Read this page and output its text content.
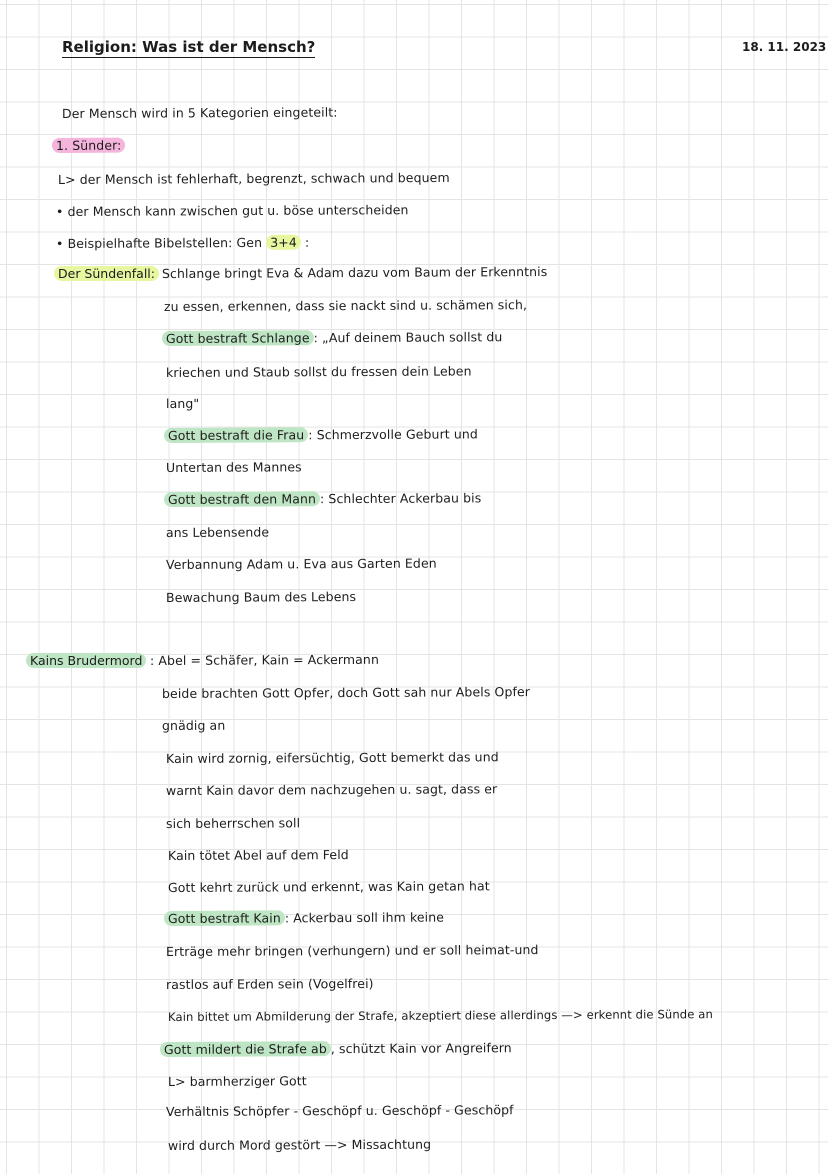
Religion: Was ist der Mensch?	18. 11. 2023
Der Mensch wird in 5 Kategorien eingeteilt:
1. Sünder:
L> der Mensch ist fehlerhaft, begrenzt, schwach und bequem
• der Mensch kann zwischen gut u. böse unterscheiden
• Beispielhafte Bibelstellen: Gen 3+4 :
Der Sündenfall: Schlange bringt Eva & Adam dazu vom Baum der Erkenntnis
zu essen, erkennen, dass sie nackt sind u. schämen sich,
Gott bestraft Schlange : „Auf deinem Bauch sollst du
kriechen und Staub sollst du fressen dein Leben
lang"
Gott bestraft die Frau : Schmerzvolle Geburt und
Untertan des Mannes
Gott bestraft den Mann : Schlechter Ackerbau bis
ans Lebensende
Verbannung Adam u. Eva aus Garten Eden
Bewachung Baum des Lebens
Kains Brudermord : Abel = Schäfer, Kain = Ackermann
beide brachten Gott Opfer, doch Gott sah nur Abels Opfer
gnädig an
Kain wird zornig, eifersüchtig, Gott bemerkt das und
warnt Kain davor dem nachzugehen u. sagt, dass er
sich beherrschen soll
Kain tötet Abel auf dem Feld
Gott kehrt zurück und erkennt, was Kain getan hat
Gott bestraft Kain : Ackerbau soll ihm keine
Erträge mehr bringen (verhungern) und er soll heimat-und
rastlos auf Erden sein (Vogelfrei)
Kain bittet um Abmilderung der Strafe, akzeptiert diese allerdings —> erkennt die Sünde an
Gott mildert die Strafe ab , schützt Kain vor Angreifern
L> barmherziger Gott
Verhältnis Schöpfer - Geschöpf u. Geschöpf - Geschöpf
wird durch Mord gestört —> Missachtung
